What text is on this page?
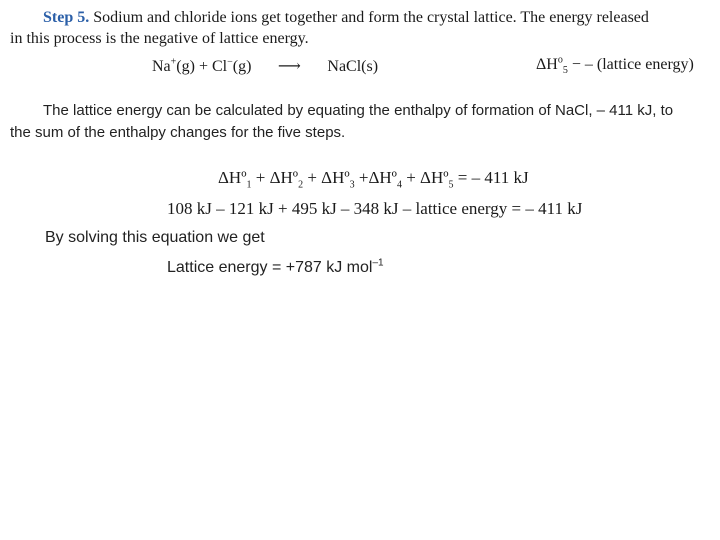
Step 5. Sodium and chloride ions get together and form the crystal lattice. The energy released
in this process is the negative of lattice energy.
Na+(g) + Cl−(g) ⟶ NaCl(s)	$\Delta H^o_5$ − – (lattice energy)
The lattice energy can be calculated by equating the enthalpy of formation of NaCl, – 411 kJ, to
the sum of the enthalpy changes for the five steps.
ΔHº$_1$ + ΔHº$_2$ + ΔHº$_3$ +ΔHº$_4$ + ΔHº$_5$ = – 411 kJ
108 kJ – 121 kJ + 495 kJ – 348 kJ – lattice energy = – 411 kJ
By solving this equation we get
Lattice energy = +787 kJ mol$^{-1}$
